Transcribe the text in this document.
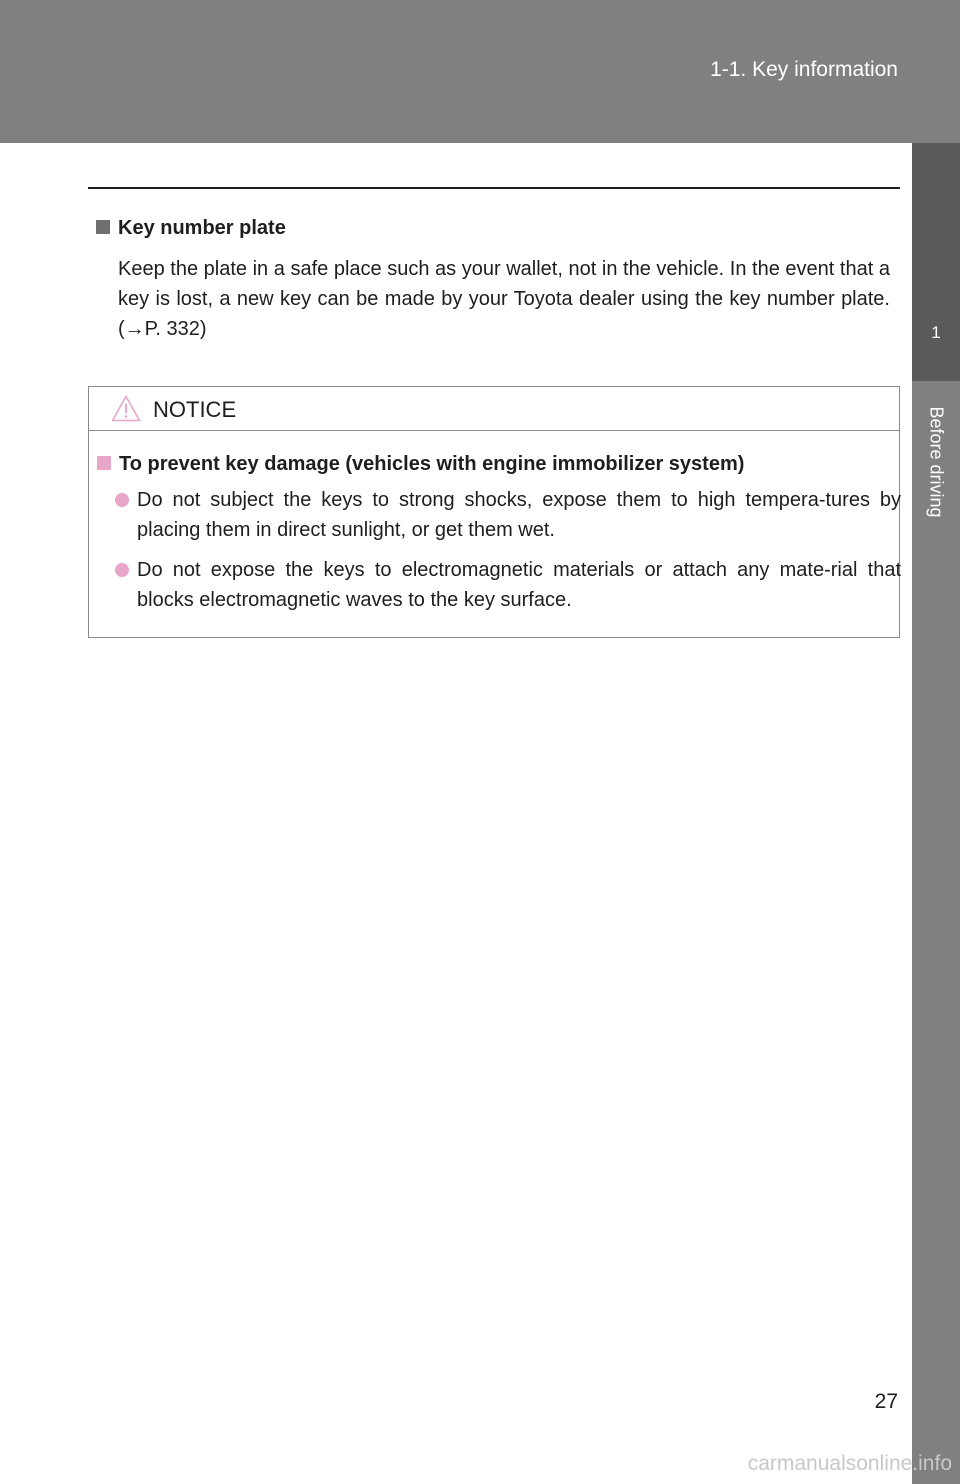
1-1. Key information
1
Before driving
Key number plate

Keep the plate in a safe place such as your wallet, not in the vehicle. In the event that a key is lost, a new key can be made by your Toyota dealer using the key number plate. (→P. 332)

NOTICE
To prevent key damage (vehicles with engine immobilizer system)
Do not subject the keys to strong shocks, expose them to high tempera-tures by placing them in direct sunlight, or get them wet.
Do not expose the keys to electromagnetic materials or attach any mate-rial that blocks electromagnetic waves to the key surface.
27
carmanualsonline.info
